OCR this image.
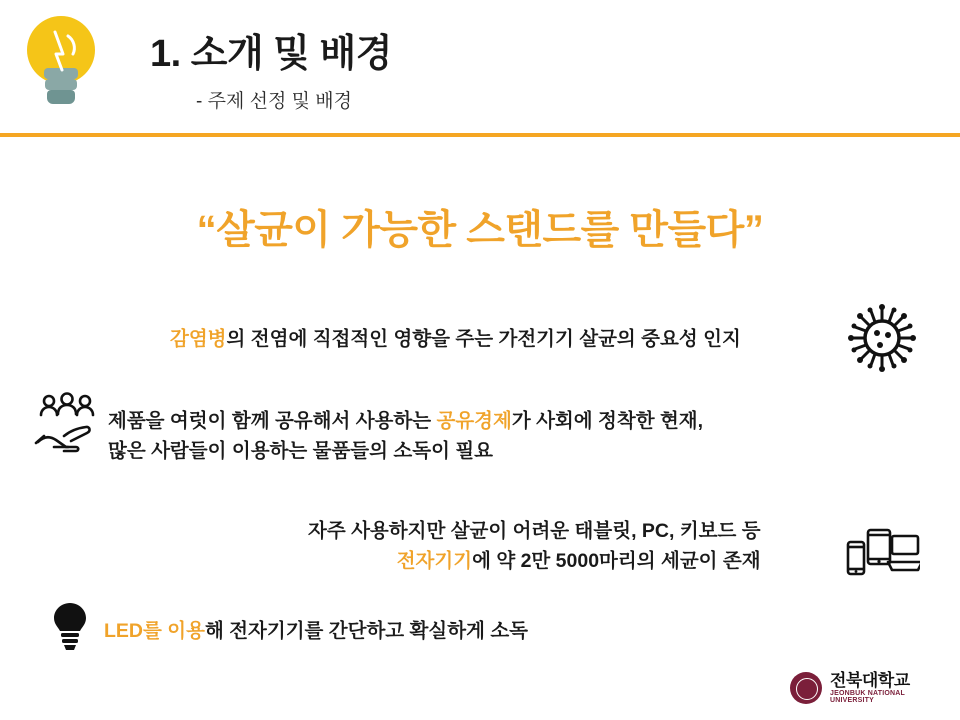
1. 소개 및 배경
- 주제 선정 및 배경
“살균이 가능한 스탠드를 만들다”
감염병의 전염에 직접적인 영향을 주는 가전기기 살균의 중요성 인지
제품을 여럿이 함께 공유해서 사용하는 공유경제가 사회에 정착한 현재,
많은 사람들이 이용하는 물품들의 소독이 필요
자주 사용하지만 살균이 어려운 태블릿, PC, 키보드 등
전자기기에 약 2만 5000마리의 세균이 존재
LED를 이용해 전자기기를 간단하고 확실하게 소독
전북대학교
JEONBUK NATIONAL UNIVERSITY
